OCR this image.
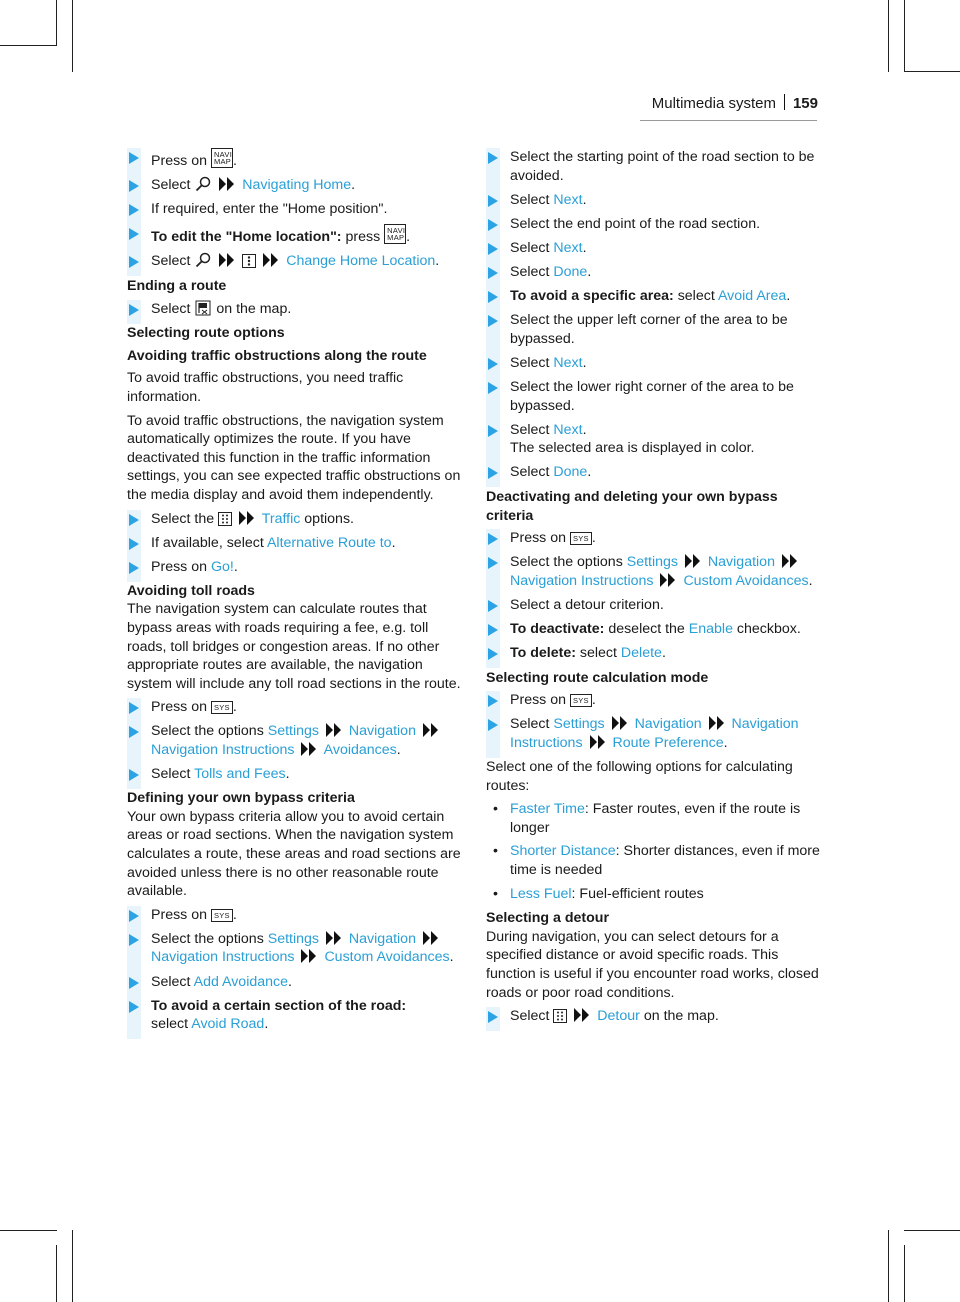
Multimedia system 159
Press on NAVI
MAP .
Select	Navigating Home.
If required, enter the "Home position".
To edit the "Home location": press NAVI
MAP .
Select	Change Home Location.
Ending a route
Select on the map.
Selecting route options
Avoiding traffic obstructions along the route
To avoid traffic obstructions, you need traffic information.
To avoid traffic obstructions, the navigation system automatically optimizes the route. If you have deactivated this function in the traffic information settings, you can see expected traffic obstructions on the media display and avoid them independently.
Select the	Traffic options.
If available, select Alternative Route to.
Press on Go!.
Avoiding toll roads
The navigation system can calculate routes that bypass areas with roads requiring a fee, e.g. toll roads, toll bridges or congestion areas. If no other appropriate routes are available, the navigation system will include any toll road sections in the route.
Press on SYS .
Select the options Settings Navigation  Navigation Instructions Avoidances.
Select Tolls and Fees.
Defining your own bypass criteria
Your own bypass criteria allow you to avoid certain areas or road sections. When the navigation system calculates a route, these areas and road sections are avoided unless there is no other reasonable route available.
Press on SYS .
Select the options Settings Navigation  Navigation Instructions Custom Avoidances.
Select Add Avoidance.
To avoid a certain section of the road:
select Avoid Road.
Select the starting point of the road section to be avoided.
Select Next.
Select the end point of the road section.
Select Next.
Select Done.
To avoid a specific area: select Avoid Area.
Select the upper left corner of the area to be bypassed.
Select Next.
Select the lower right corner of the area to be bypassed.
Select Next.
The selected area is displayed in color.
Select Done.
Deactivating and deleting your own bypass criteria
Press on SYS .
Select the options Settings Navigation  Navigation Instructions Custom Avoidances.
Select a detour criterion.
To deactivate: deselect the Enable checkbox.
To delete: select Delete.
Selecting route calculation mode
Press on SYS .
Select Settings Navigation Navigation Instructions Route Preference.
Select one of the following options for calculating routes:
• Faster Time: Faster routes, even if the route is longer
• Shorter Distance: Shorter distances, even if more time is needed
• Less Fuel: Fuel-efficient routes
Selecting a detour
During navigation, you can select detours for a specified distance or avoid specific roads. This function is useful if you encounter road works, closed roads or poor road conditions.
Select	Detour on the map.
